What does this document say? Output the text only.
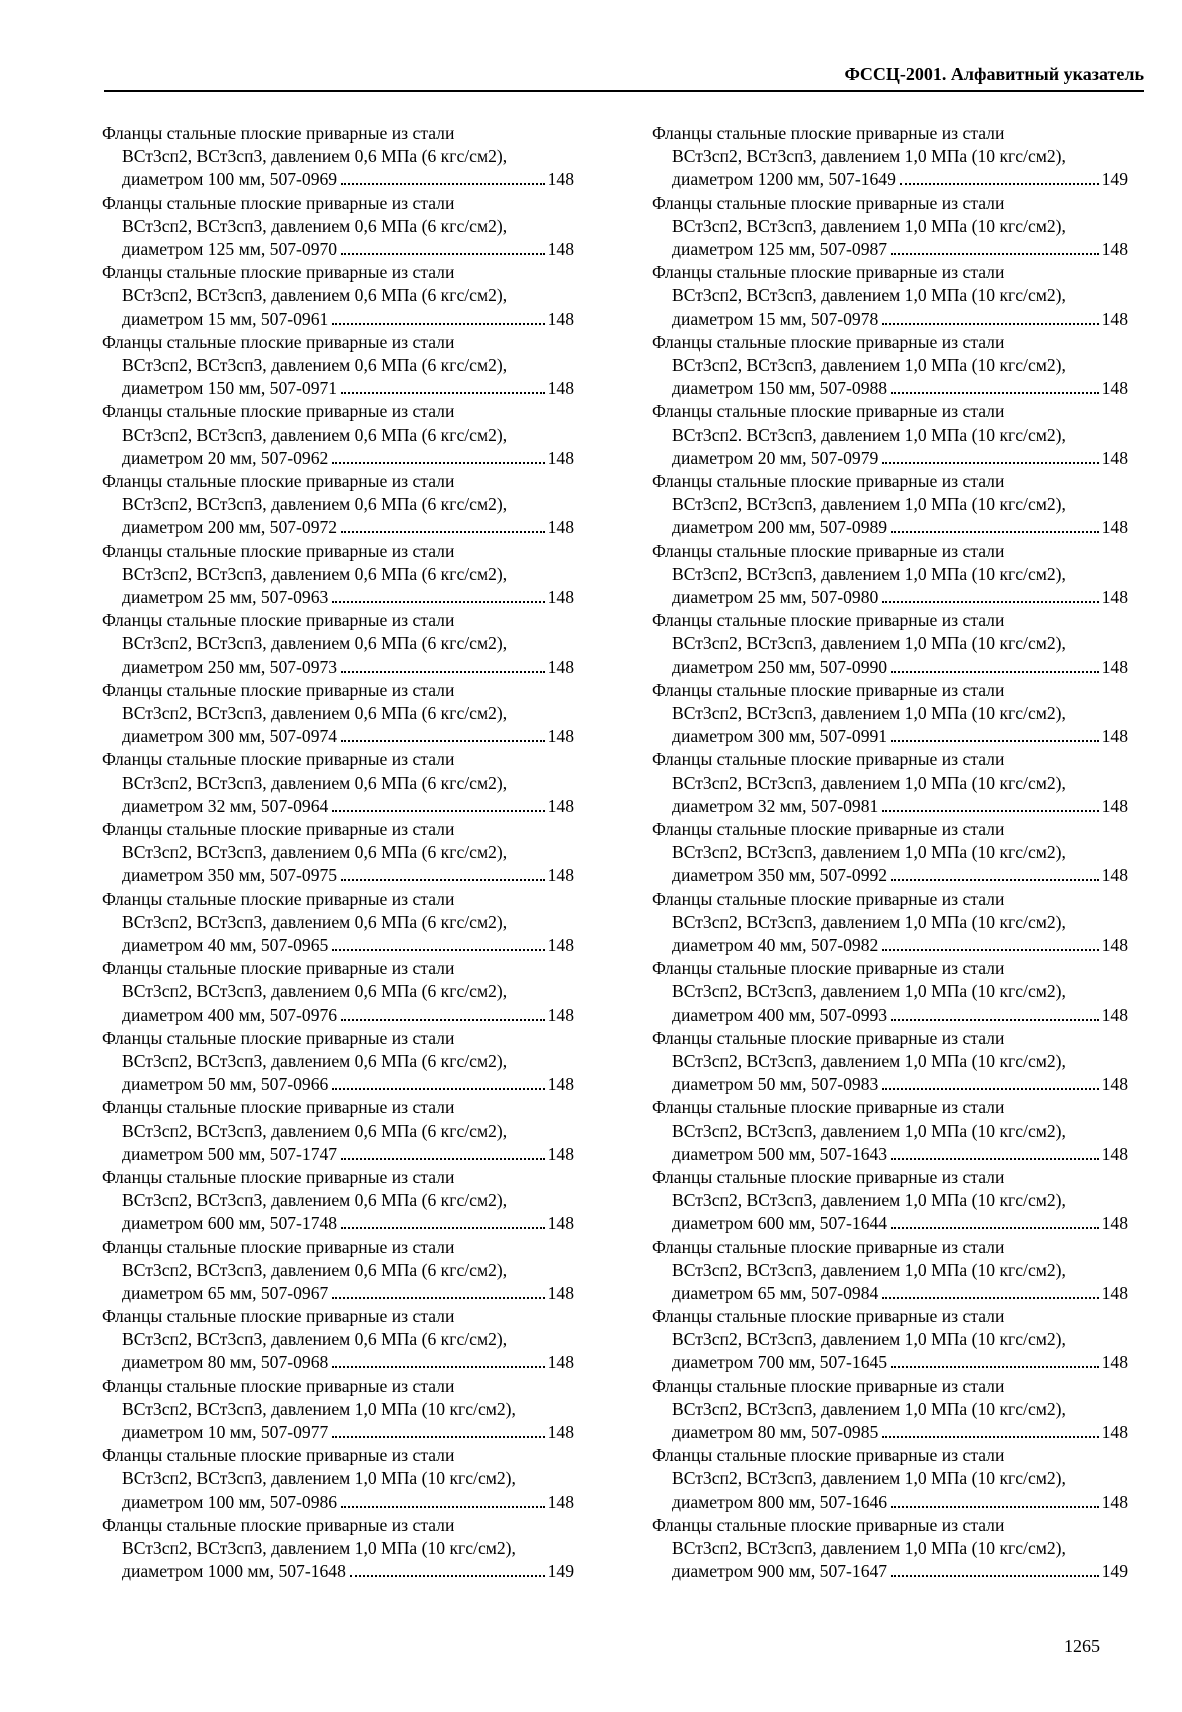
ФССЦ-2001. Алфавитный указатель
Фланцы стальные плоские приварные из стали
ВСт3сп2, ВСт3сп3, давлением 0,6 МПа (6 кгс/см2),
диаметром 100 мм, 507-0969	148
Фланцы стальные плоские приварные из стали
ВСт3сп2, ВСт3сп3, давлением 0,6 МПа (6 кгс/см2),
диаметром 125 мм, 507-0970	148
Фланцы стальные плоские приварные из стали
ВСт3сп2, ВСт3сп3, давлением 0,6 МПа (6 кгс/см2),
диаметром 15 мм, 507-0961	148
Фланцы стальные плоские приварные из стали
ВСт3сп2, ВСт3сп3, давлением 0,6 МПа (6 кгс/см2),
диаметром 150 мм, 507-0971	148
Фланцы стальные плоские приварные из стали
ВСт3сп2, ВСт3сп3, давлением 0,6 МПа (6 кгс/см2),
диаметром 20 мм, 507-0962	148
Фланцы стальные плоские приварные из стали
ВСт3сп2, ВСт3сп3, давлением 0,6 МПа (6 кгс/см2),
диаметром 200 мм, 507-0972	148
Фланцы стальные плоские приварные из стали
ВСт3сп2, ВСт3сп3, давлением 0,6 МПа (6 кгс/см2),
диаметром 25 мм, 507-0963	148
Фланцы стальные плоские приварные из стали
ВСт3сп2, ВСт3сп3, давлением 0,6 МПа (6 кгс/см2),
диаметром 250 мм, 507-0973	148
Фланцы стальные плоские приварные из стали
ВСт3сп2, ВСт3сп3, давлением 0,6 МПа (6 кгс/см2),
диаметром 300 мм, 507-0974	148
Фланцы стальные плоские приварные из стали
ВСт3сп2, ВСт3сп3, давлением 0,6 МПа (6 кгс/см2),
диаметром 32 мм, 507-0964	148
Фланцы стальные плоские приварные из стали
ВСт3сп2, ВСт3сп3, давлением 0,6 МПа (6 кгс/см2),
диаметром 350 мм, 507-0975	148
Фланцы стальные плоские приварные из стали
ВСт3сп2, ВСт3сп3, давлением 0,6 МПа (6 кгс/см2),
диаметром 40 мм, 507-0965	148
Фланцы стальные плоские приварные из стали
ВСт3сп2, ВСт3сп3, давлением 0,6 МПа (6 кгс/см2),
диаметром 400 мм, 507-0976	148
Фланцы стальные плоские приварные из стали
ВСт3сп2, ВСт3сп3, давлением 0,6 МПа (6 кгс/см2),
диаметром 50 мм, 507-0966	148
Фланцы стальные плоские приварные из стали
ВСт3сп2, ВСт3сп3, давлением 0,6 МПа (6 кгс/см2),
диаметром 500 мм, 507-1747	148
Фланцы стальные плоские приварные из стали
ВСт3сп2, ВСт3сп3, давлением 0,6 МПа (6 кгс/см2),
диаметром 600 мм, 507-1748	148
Фланцы стальные плоские приварные из стали
ВСт3сп2, ВСт3сп3, давлением 0,6 МПа (6 кгс/см2),
диаметром 65 мм, 507-0967	148
Фланцы стальные плоские приварные из стали
ВСт3сп2, ВСт3сп3, давлением 0,6 МПа (6 кгс/см2),
диаметром 80 мм, 507-0968	148
Фланцы стальные плоские приварные из стали
ВСт3сп2, ВСт3сп3, давлением 1,0 МПа (10 кгс/см2),
диаметром 10 мм, 507-0977	148
Фланцы стальные плоские приварные из стали
ВСт3сп2, ВСт3сп3, давлением 1,0 МПа (10 кгс/см2),
диаметром 100 мм, 507-0986	148
Фланцы стальные плоские приварные из стали
ВСт3сп2, ВСт3сп3, давлением 1,0 МПа (10 кгс/см2),
диаметром 1000 мм, 507-1648	149
Фланцы стальные плоские приварные из стали
ВСт3сп2, ВСт3сп3, давлением 1,0 МПа (10 кгс/см2),
диаметром 1200 мм, 507-1649	149
Фланцы стальные плоские приварные из стали
ВСт3сп2, ВСт3сп3, давлением 1,0 МПа (10 кгс/см2),
диаметром 125 мм, 507-0987	148
Фланцы стальные плоские приварные из стали
ВСт3сп2, ВСт3сп3, давлением 1,0 МПа (10 кгс/см2),
диаметром 15 мм, 507-0978	148
Фланцы стальные плоские приварные из стали
ВСт3сп2, ВСт3сп3, давлением 1,0 МПа (10 кгс/см2),
диаметром 150 мм, 507-0988	148
Фланцы стальные плоские приварные из стали
ВСт3сп2. ВСт3сп3, давлением 1,0 МПа (10 кгс/см2),
диаметром 20 мм, 507-0979	148
Фланцы стальные плоские приварные из стали
ВСт3сп2, ВСт3сп3, давлением 1,0 МПа (10 кгс/см2),
диаметром 200 мм, 507-0989	148
Фланцы стальные плоские приварные из стали
ВСт3сп2, ВСт3сп3, давлением 1,0 МПа (10 кгс/см2),
диаметром 25 мм, 507-0980	148
Фланцы стальные плоские приварные из стали
ВСт3сп2, ВСт3сп3, давлением 1,0 МПа (10 кгс/см2),
диаметром 250 мм, 507-0990	148
Фланцы стальные плоские приварные из стали
ВСт3сп2, ВСт3сп3, давлением 1,0 МПа (10 кгс/см2),
диаметром 300 мм, 507-0991	148
Фланцы стальные плоские приварные из стали
ВСт3сп2, ВСт3сп3, давлением 1,0 МПа (10 кгс/см2),
диаметром 32 мм, 507-0981	148
Фланцы стальные плоские приварные из стали
ВСт3сп2, ВСт3сп3, давлением 1,0 МПа (10 кгс/см2),
диаметром 350 мм, 507-0992	148
Фланцы стальные плоские приварные из стали
ВСт3сп2, ВСт3сп3, давлением 1,0 МПа (10 кгс/см2),
диаметром 40 мм, 507-0982	148
Фланцы стальные плоские приварные из стали
ВСт3сп2, ВСт3сп3, давлением 1,0 МПа (10 кгс/см2),
диаметром 400 мм, 507-0993	148
Фланцы стальные плоские приварные из стали
ВСт3сп2, ВСт3сп3, давлением 1,0 МПа (10 кгс/см2),
диаметром 50 мм, 507-0983	148
Фланцы стальные плоские приварные из стали
ВСт3сп2, ВСт3сп3, давлением 1,0 МПа (10 кгс/см2),
диаметром 500 мм, 507-1643	148
Фланцы стальные плоские приварные из стали
ВСт3сп2, ВСт3сп3, давлением 1,0 МПа (10 кгс/см2),
диаметром 600 мм, 507-1644	148
Фланцы стальные плоские приварные из стали
ВСт3сп2, ВСт3сп3, давлением 1,0 МПа (10 кгс/см2),
диаметром 65 мм, 507-0984	148
Фланцы стальные плоские приварные из стали
ВСт3сп2, ВСт3сп3, давлением 1,0 МПа (10 кгс/см2),
диаметром 700 мм, 507-1645	148
Фланцы стальные плоские приварные из стали
ВСт3сп2, ВСт3сп3, давлением 1,0 МПа (10 кгс/см2),
диаметром 80 мм, 507-0985	148
Фланцы стальные плоские приварные из стали
ВСт3сп2, ВСт3сп3, давлением 1,0 МПа (10 кгс/см2),
диаметром 800 мм, 507-1646	148
Фланцы стальные плоские приварные из стали
ВСт3сп2, ВСт3сп3, давлением 1,0 МПа (10 кгс/см2),
диаметром 900 мм, 507-1647	149
1265
